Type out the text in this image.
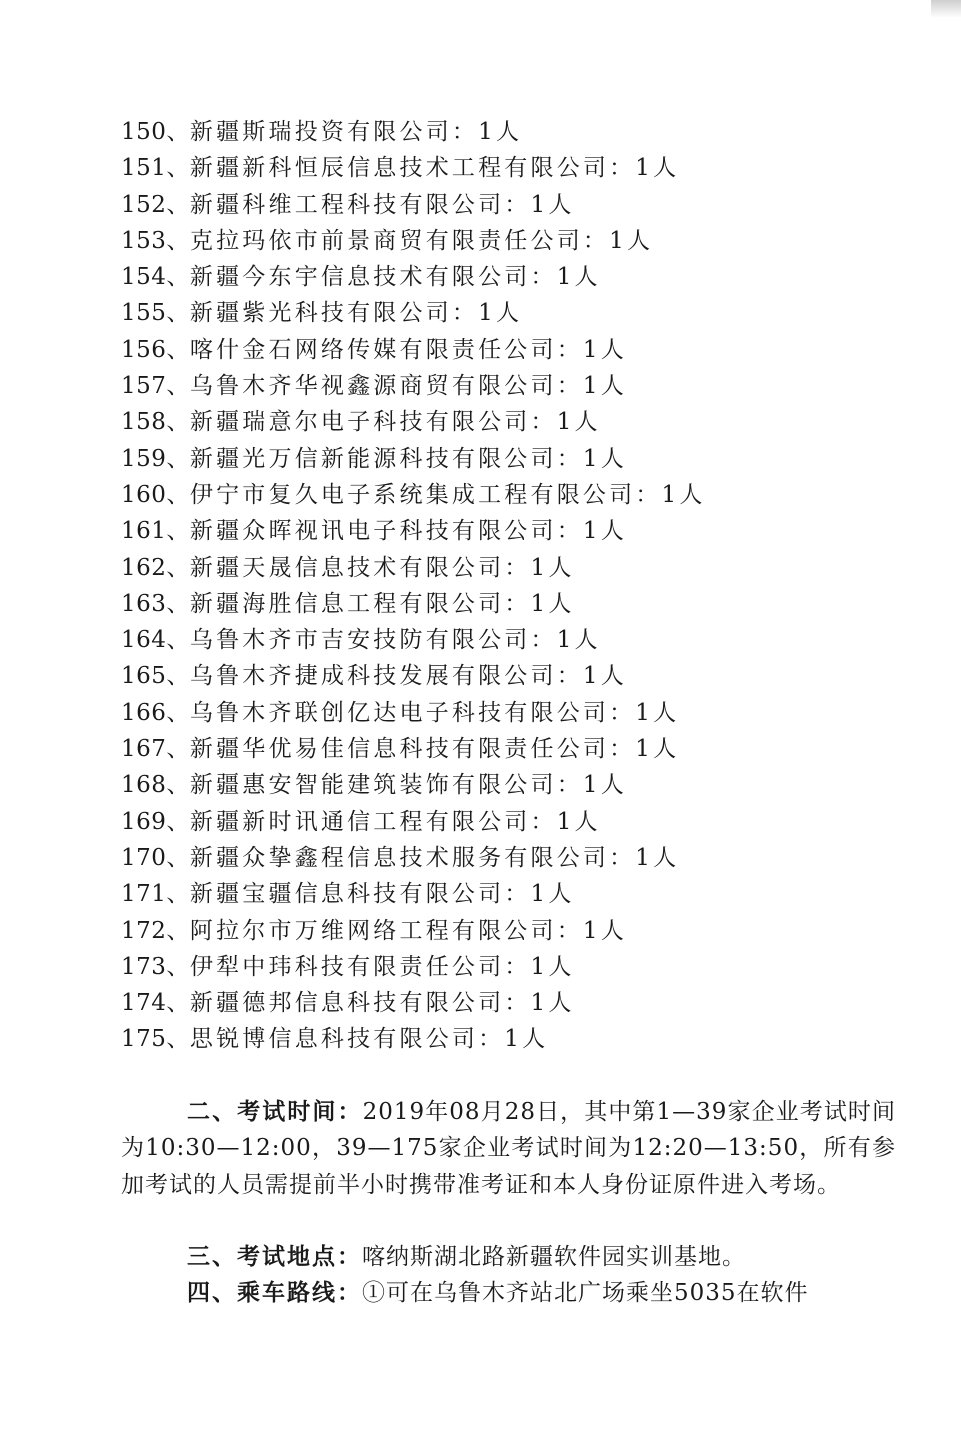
150、新疆斯瑞投资有限公司：1人
151、新疆新科恒辰信息技术工程有限公司：1人
152、新疆科维工程科技有限公司：1人
153、克拉玛依市前景商贸有限责任公司：1人
154、新疆今东宇信息技术有限公司：1人
155、新疆紫光科技有限公司：1人
156、喀什金石网络传媒有限责任公司：1人
157、乌鲁木齐华视鑫源商贸有限公司：1人
158、新疆瑞意尔电子科技有限公司：1人
159、新疆光万信新能源科技有限公司：1人
160、伊宁市复久电子系统集成工程有限公司：1人
161、新疆众晖视讯电子科技有限公司：1人
162、新疆天晟信息技术有限公司：1人
163、新疆海胜信息工程有限公司：1人
164、乌鲁木齐市吉安技防有限公司：1人
165、乌鲁木齐捷成科技发展有限公司：1人
166、乌鲁木齐联创亿达电子科技有限公司：1人
167、新疆华优易佳信息科技有限责任公司：1人
168、新疆惠安智能建筑装饰有限公司：1人
169、新疆新时讯通信工程有限公司：1人
170、新疆众挚鑫程信息技术服务有限公司：1人
171、新疆宝疆信息科技有限公司：1人
172、阿拉尔市万维网络工程有限公司：1人
173、伊犁中玮科技有限责任公司：1人
174、新疆德邦信息科技有限公司：1人
175、思锐博信息科技有限公司：1人

二、考试时间：2019年08月28日，其中第1—39家企业考试时间为10:30—12:00，39—175家企业考试时间为12:20—13:50，所有参加考试的人员需提前半小时携带准考证和本人身份证原件进入考场。

三、考试地点：喀纳斯湖北路新疆软件园实训基地。

四、乘车路线：①可在乌鲁木齐站北广场乘坐5035在软件
